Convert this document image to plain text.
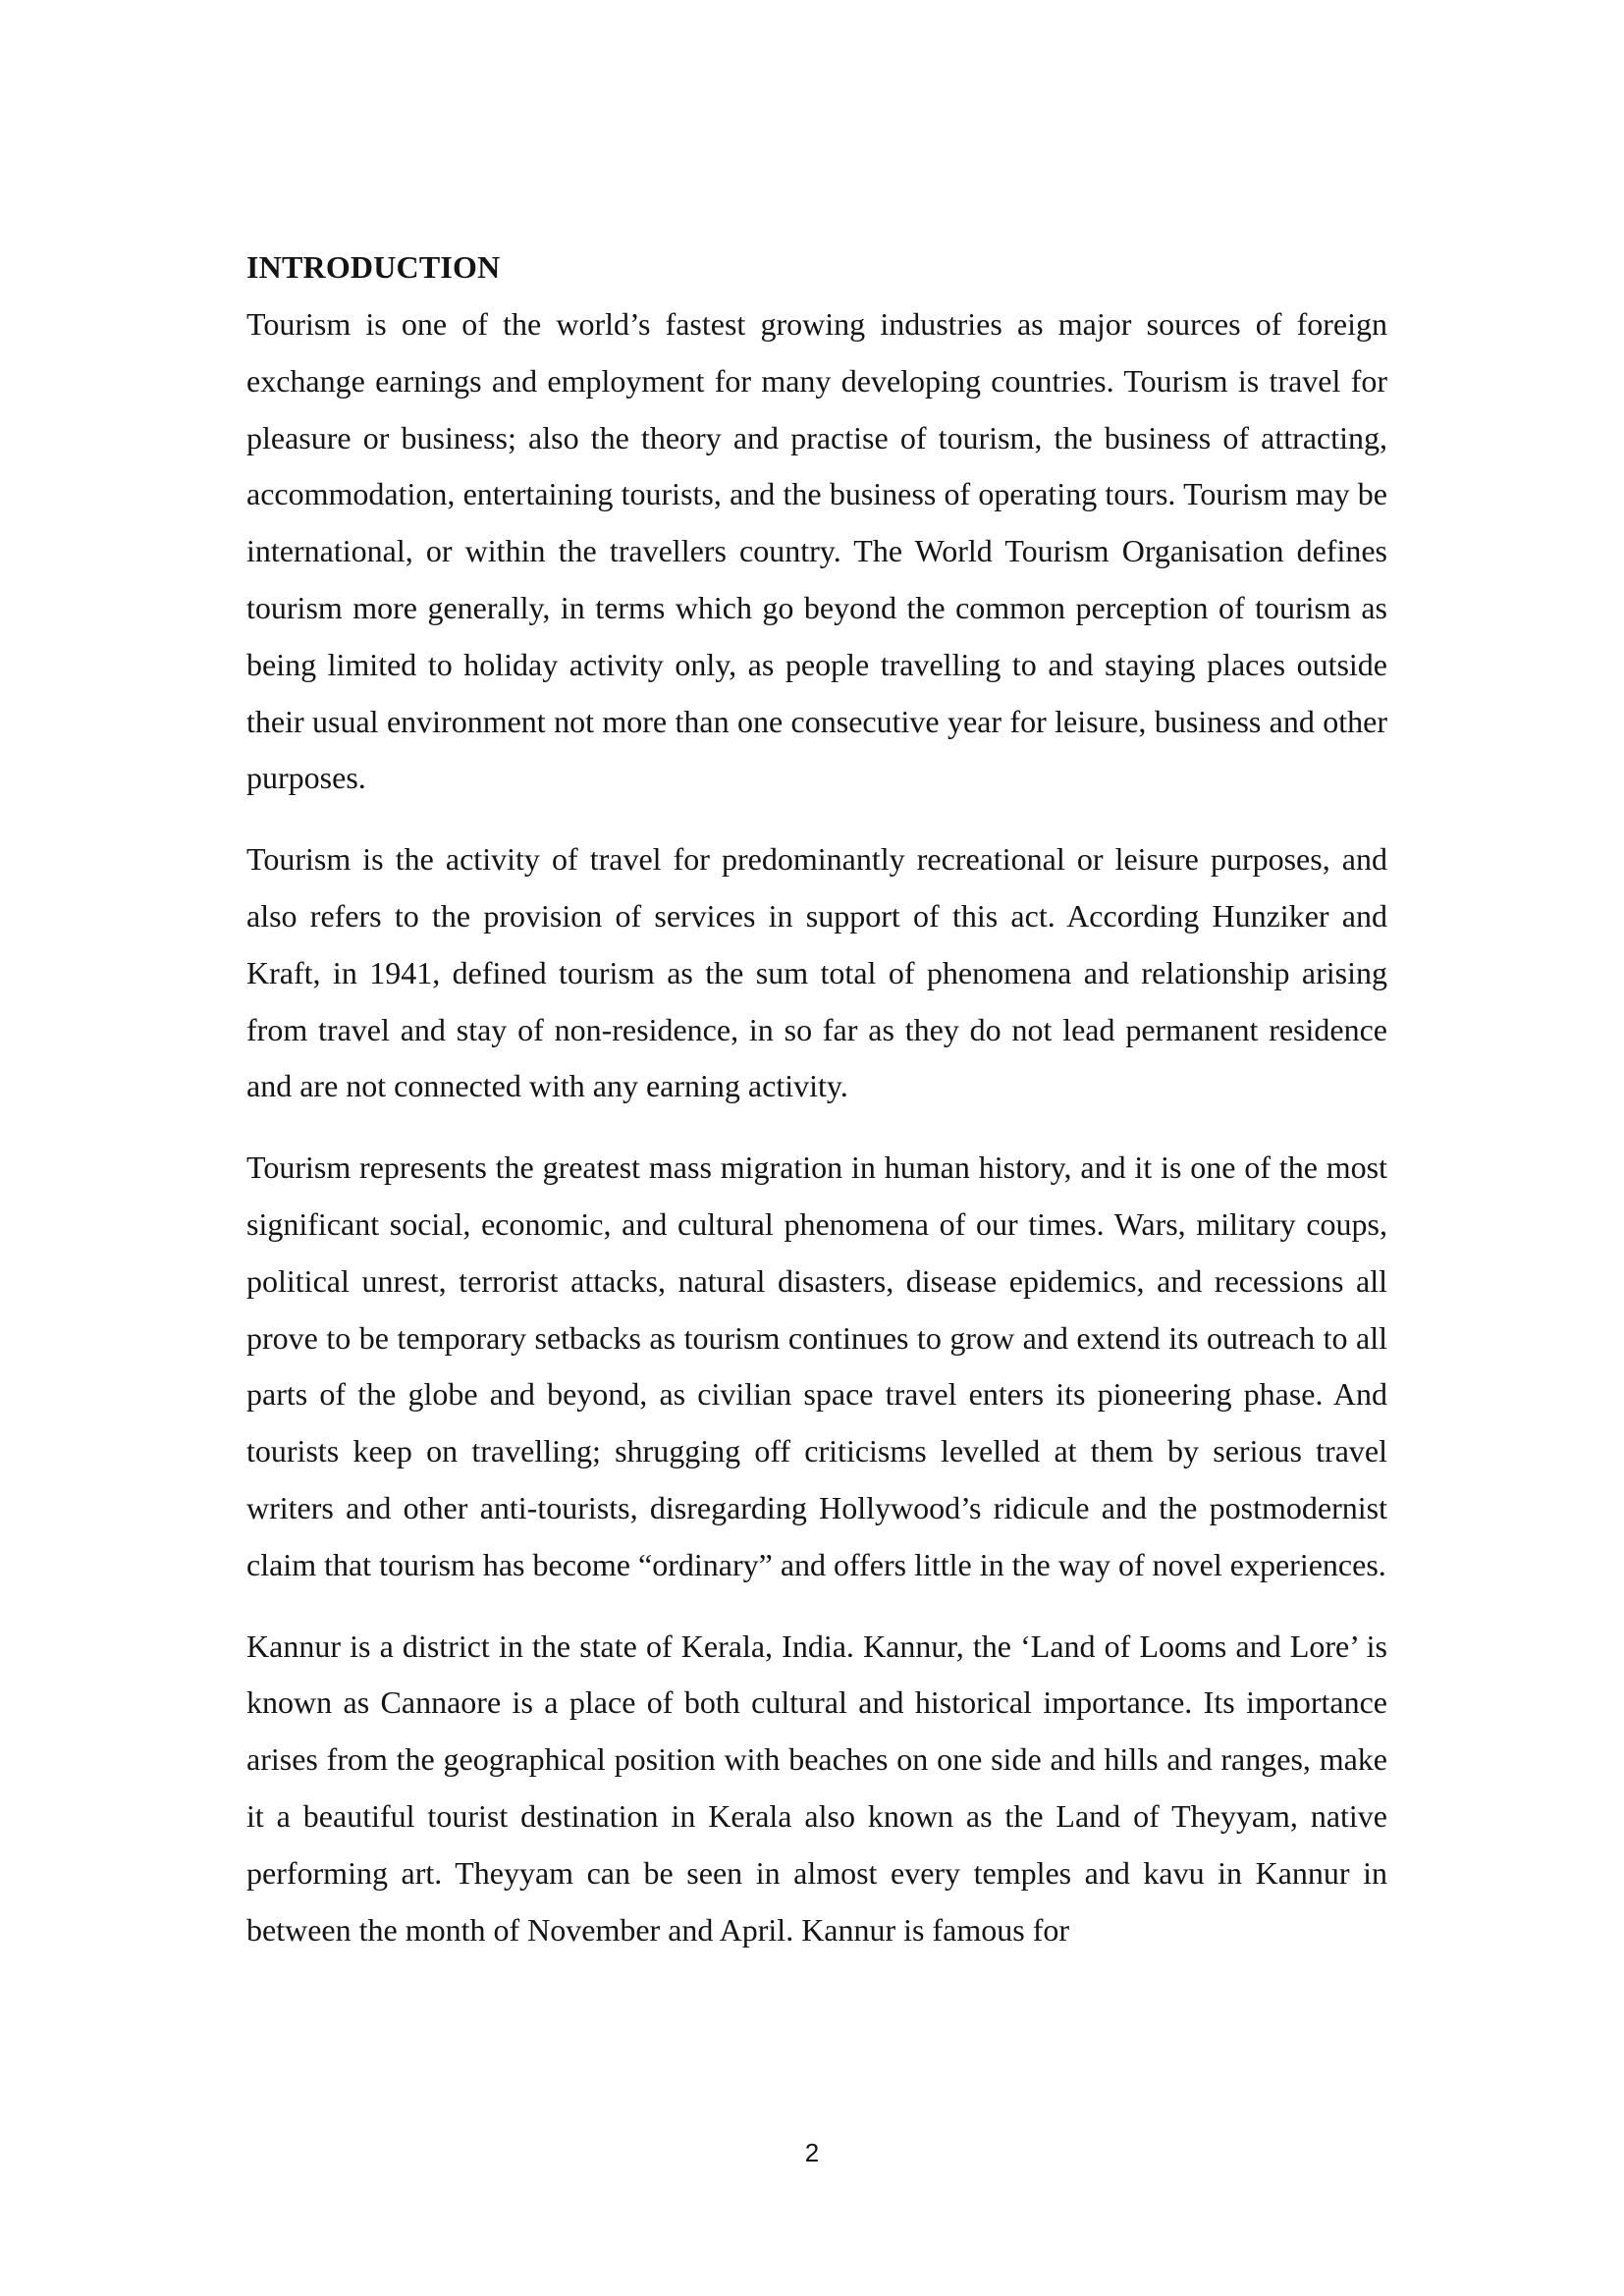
INTRODUCTION

Tourism is one of the world’s fastest growing industries as major sources of foreign exchange earnings and employment for many developing countries. Tourism is travel for pleasure or business; also the theory and practise of tourism, the business of attracting, accommodation, entertaining tourists, and the business of operating tours. Tourism may be international, or within the travellers country. The World Tourism Organisation defines tourism more generally, in terms which go beyond the common perception of tourism as being limited to holiday activity only, as people travelling to and staying places outside their usual environment not more than one consecutive year for leisure, business and other purposes.

Tourism is the activity of travel for predominantly recreational or leisure purposes, and also refers to the provision of services in support of this act. According Hunziker and Kraft, in 1941, defined tourism as the sum total of phenomena and relationship arising from travel and stay of non-residence, in so far as they do not lead permanent residence and are not connected with any earning activity.

Tourism represents the greatest mass migration in human history, and it is one of the most significant social, economic, and cultural phenomena of our times. Wars, military coups, political unrest, terrorist attacks, natural disasters, disease epidemics, and recessions all prove to be temporary setbacks as tourism continues to grow and extend its outreach to all parts of the globe and beyond, as civilian space travel enters its pioneering phase. And tourists keep on travelling; shrugging off criticisms levelled at them by serious travel writers and other anti-tourists, disregarding Hollywood’s ridicule and the postmodernist claim that tourism has become “ordinary” and offers little in the way of novel experiences.

Kannur is a district in the state of Kerala, India. Kannur, the ‘Land of Looms and Lore’ is known as Cannaore is a place of both cultural and historical importance. Its importance arises from the geographical position with beaches on one side and hills and ranges, make it a beautiful tourist destination in Kerala also known as the Land of Theyyam, native performing art. Theyyam can be seen in almost every temples and kavu in Kannur in between the month of November and April. Kannur is famous for

2
